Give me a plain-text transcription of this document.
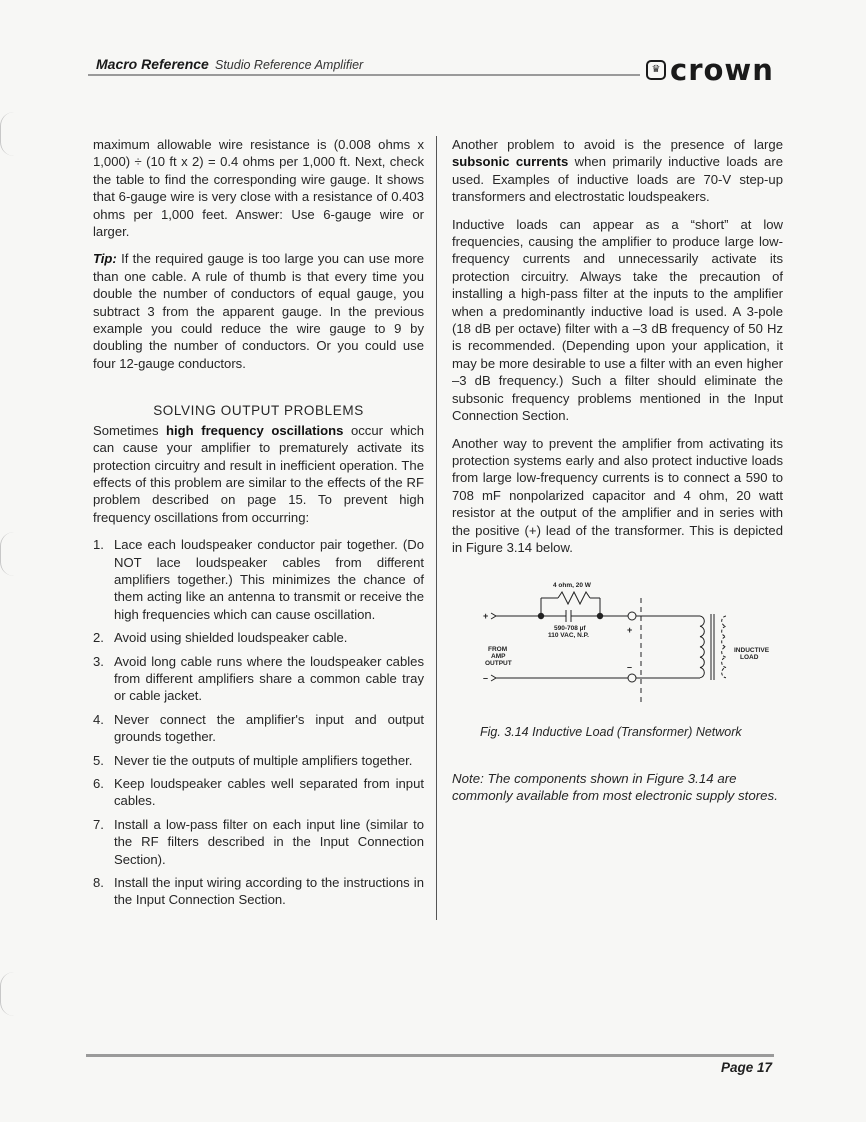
Macro Reference Studio Reference Amplifier	♛ crown

maximum allowable wire resistance is (0.008 ohms x 1,000) ÷ (10 ft x 2) = 0.4 ohms per 1,000 ft. Next, check the table to find the corresponding wire gauge. It shows that 6-gauge wire is very close with a resistance of 0.403 ohms per 1,000 feet. Answer: Use 6-gauge wire or larger.

Tip: If the required gauge is too large you can use more than one cable. A rule of thumb is that every time you double the number of conductors of equal gauge, you subtract 3 from the apparent gauge. In the previous example you could reduce the wire gauge to 9 by doubling the number of conductors. Or you could use four 12-gauge conductors.

SOLVING OUTPUT PROBLEMS

Sometimes high frequency oscillations occur which can cause your amplifier to prematurely activate its protection circuitry and result in inefficient operation. The effects of this problem are similar to the effects of the RF problem described on page 15. To prevent high frequency oscillations from occurring:

1. Lace each loudspeaker conductor pair together. (Do NOT lace loudspeaker cables from different amplifiers together.) This minimizes the chance of them acting like an antenna to transmit or receive the high frequencies which can cause oscillation.
2. Avoid using shielded loudspeaker cable.
3. Avoid long cable runs where the loudspeaker cables from different amplifiers share a common cable tray or cable jacket.
4. Never connect the amplifier's input and output grounds together.
5. Never tie the outputs of multiple amplifiers together.
6. Keep loudspeaker cables well separated from input cables.
7. Install a low-pass filter on each input line (similar to the RF filters described in the Input Connection Section).
8. Install the input wiring according to the instructions in the Input Connection Section.

Another problem to avoid is the presence of large subsonic currents when primarily inductive loads are used. Examples of inductive loads are 70-V step-up transformers and electrostatic loudspeakers.

Inductive loads can appear as a “short” at low frequencies, causing the amplifier to produce large low-frequency currents and unnecessarily activate its protection circuitry. Always take the precaution of installing a high-pass filter at the inputs to the amplifier when a predominantly inductive load is used. A 3-pole (18 dB per octave) filter with a –3 dB frequency of 50 Hz is recommended. (Depending upon your application, it may be more desirable to use a filter with an even higher –3 dB frequency.) Such a filter should eliminate the subsonic frequency problems mentioned in the Input Connection Section.

Another way to prevent the amplifier from activating its protection systems early and also protect inductive loads from large low-frequency currents is to connect a 590 to 708 mF nonpolarized capacitor and 4 ohm, 20 watt resistor at the output of the amplifier and in series with the positive (+) lead of the transformer. This is depicted in Figure 3.14 below.

4 ohm, 20 W
590-708 µf
110 VAC, N.P.
FROM
AMP
OUTPUT
INDUCTIVE
LOAD
+
–
+
–
Fig. 3.14 Inductive Load (Transformer) Network
Note: The components shown in Figure 3.14 are commonly available from most electronic supply stores.
Page 17
